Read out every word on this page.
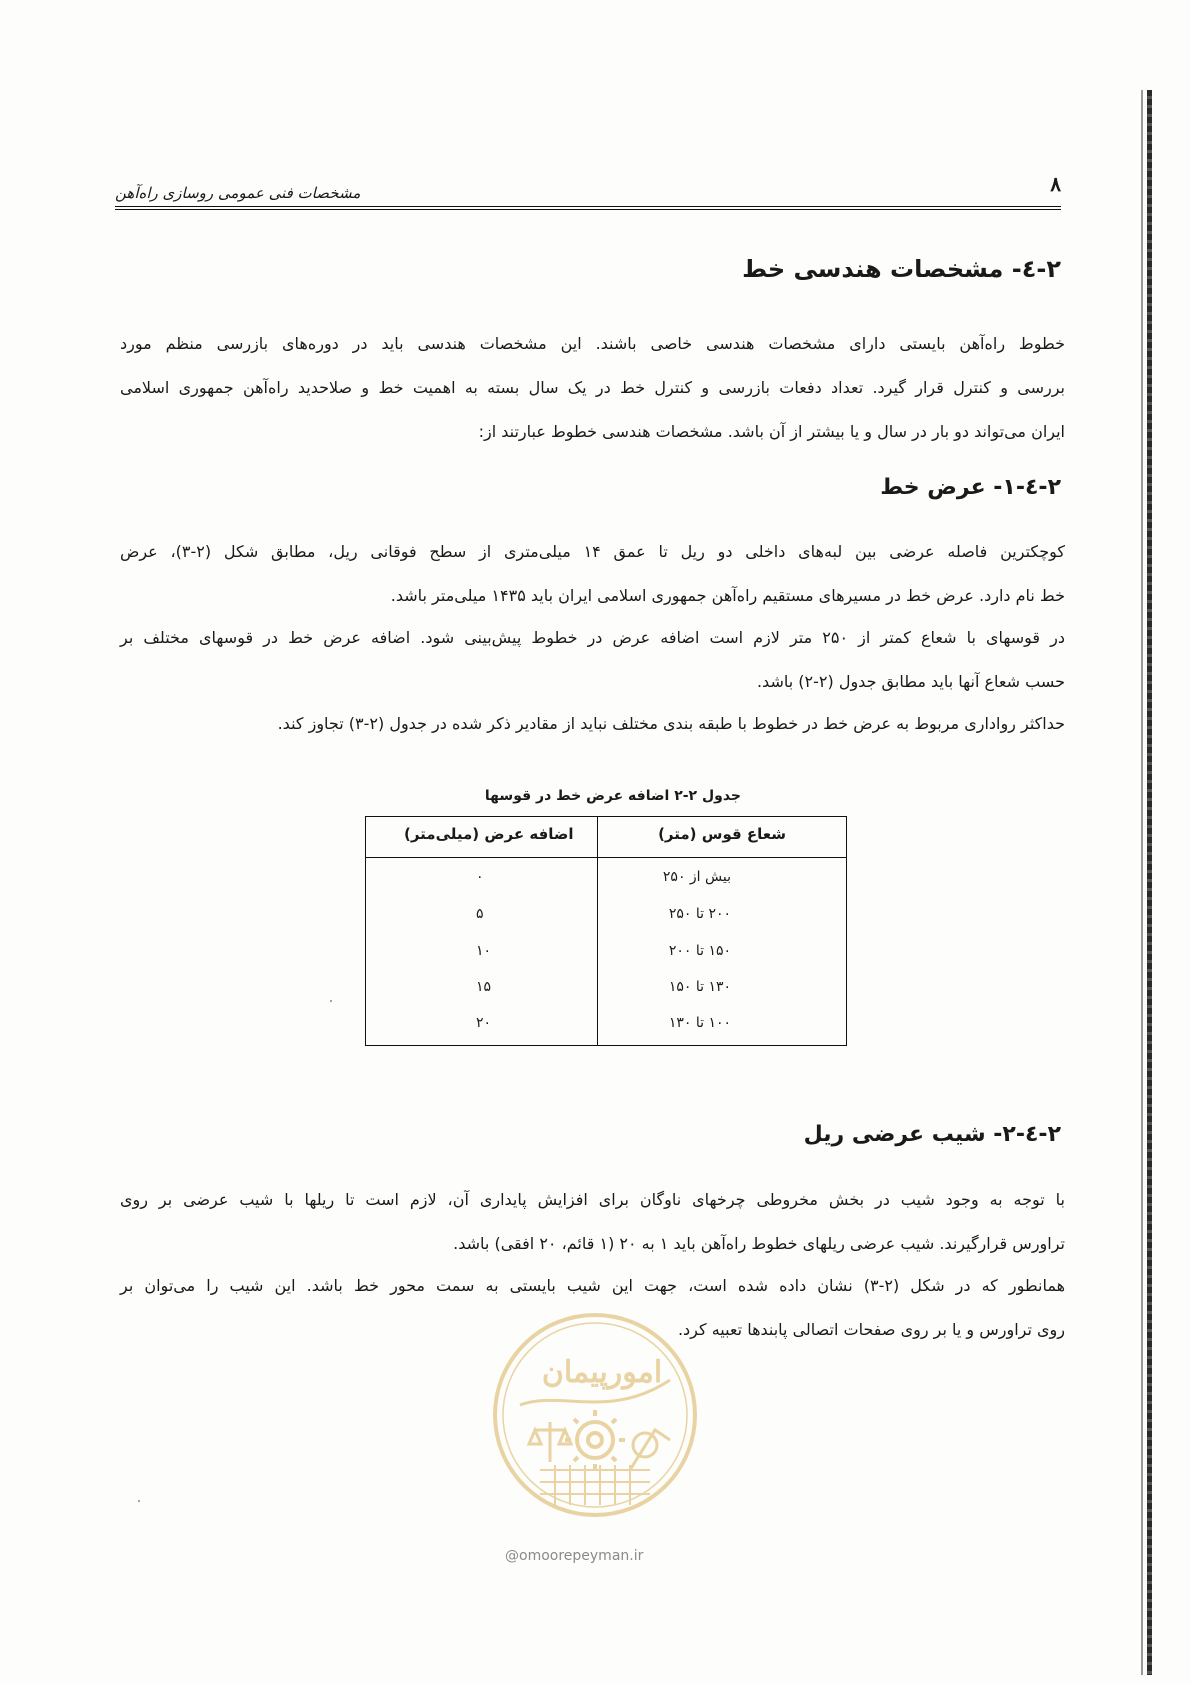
مشخصات فنی عمومی روسازی راه‌آهن	۸
۲-٤- مشخصات هندسی خط
خطوط راه‌آهن بایستی دارای مشخصات هندسی خاصی باشند. این مشخصات هندسی باید در دوره‌های بازرسی منظم مورد
بررسی و کنترل قرار گیرد. تعداد دفعات بازرسی و کنترل خط در یک سال بسته به اهمیت خط و صلاحدید راه‌آهن جمهوری اسلامی
ایران می‌تواند دو بار در سال و یا بیشتر از آن باشد. مشخصات هندسی خطوط عبارتند از:
۲-٤-۱- عرض خط
کوچکترین فاصله عرضی بین لبه‌های داخلی دو ریل تا عمق ۱۴ میلی‌متری از سطح فوقانی ریل، مطابق شکل (۲-۳)، عرض
خط نام دارد. عرض خط در مسیرهای مستقیم راه‌آهن جمهوری اسلامی ایران باید ۱۴۳۵ میلی‌متر باشد.
در قوسهای با شعاع کمتر از ۲۵۰ متر لازم است اضافه عرض در خطوط پیش‌بینی شود. اضافه عرض خط در قوسهای مختلف بر
حسب شعاع آنها باید مطابق جدول (۲-۲) باشد.
حداکثر رواداری مربوط به عرض خط در خطوط با طبقه بندی مختلف نباید از مقادیر ذکر شده در جدول (۲-۳) تجاوز کند.
جدول ۲-۲ اضافه عرض خط در قوسها
شعاع قوس (متر)
اضافه عرض (میلی‌متر)
بیش از ۲۵۰
۰
۲۰۰ تا ۲۵۰
۵
۱۵۰ تا ۲۰۰
۱۰
۱۳۰ تا ۱۵۰
۱۵
۱۰۰ تا ۱۳۰
۲۰
۲-٤-۲- شیب عرضی ریل
با توجه به وجود شیب در بخش مخروطی چرخهای ناوگان برای افزایش پایداری آن، لازم است تا ریلها با شیب عرضی بر روی
تراورس قرارگیرند. شیب عرضی ریلهای خطوط راه‌آهن باید ۱ به ۲۰ (۱ قائم، ۲۰ افقی) باشد.
همانطور که در شکل (۲-۳) نشان داده شده است، جهت این شیب بایستی به سمت محور خط باشد. این شیب را می‌توان بر
روی تراورس و یا بر روی صفحات اتصالی پابندها تعبیه کرد.
امورپیمان
@omoorepeyman.ir
